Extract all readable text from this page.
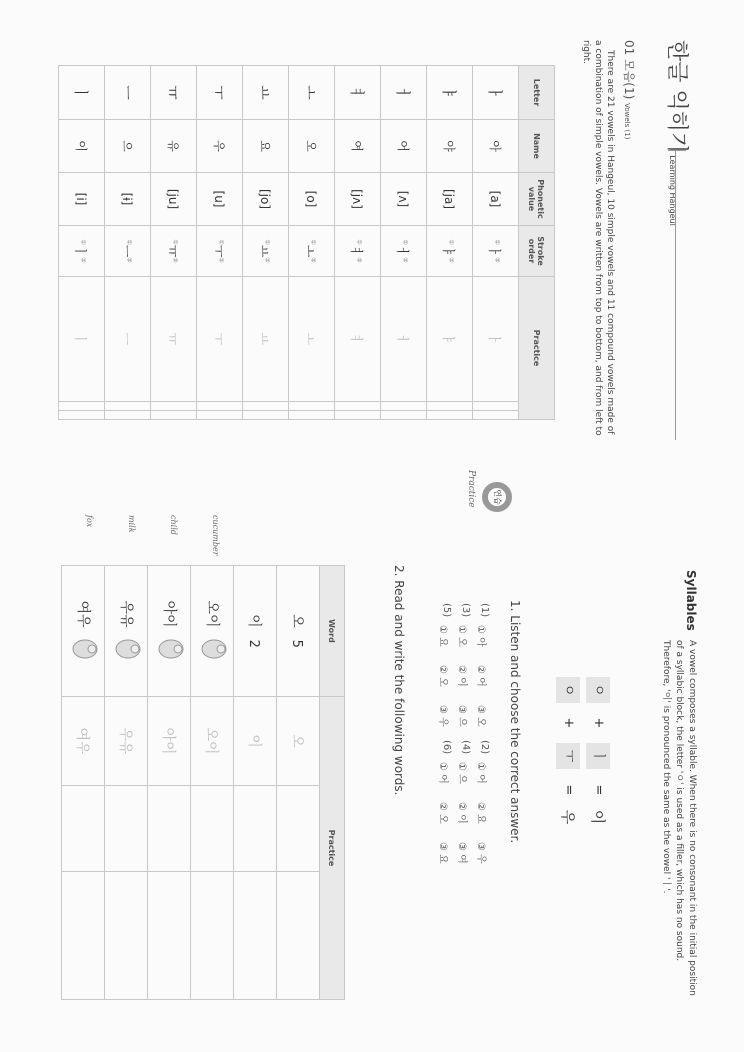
한글 익히기Learning Hangeul
01 모음(1) Vowels (1)
There are 21 vowels in Hangeul, 10 simple vowels and 11 compound vowels made of a combination of simple vowels. Vowels are written from top to bottom, and from left to right.
Letter	Name	Phonetic value	Stroke order	Practice		
ㅏ	아	[a]	①ㅏ②	ㅏ		
ㅑ	야	[ja]	①ㅑ②	ㅑ		
ㅓ	어	[ʌ]	①ㅓ②	ㅓ		
ㅕ	여	[jʌ]	①ㅕ②	ㅕ		
ㅗ	오	[o]	①ㅗ②	ㅗ		
ㅛ	요	[jo]	①ㅛ②	ㅛ		
ㅜ	우	[u]	①ㅜ②	ㅜ		
ㅠ	유	[ju]	①ㅠ②	ㅠ		
ㅡ	으	[ɨ]	①ㅡ②	ㅡ		
ㅣ	이	[i]	①ㅣ②	ㅣ		
Syllables
A vowel composes a syllable. When there is no consonant in the initial position of a syllabic block, the letter 'ㅇ' is used as a filler, which has no sound. Therefore, '이' is pronounced the same as the vowel 'ㅣ'.
ㅇ
+
ㅣ
=
이
ㅇ
+
ㅜ
=
우
1. Listen and choose the correct answer.
(1)
① 아
② 어
③ 오
(2)
① 어
② 요
③ 우
(3)
① 오
② 이
③ 으
(4)
① 으
② 이
③ 여
(5)
① 요
② 오
③ 우
(6)
① 어
② 오
③ 요
연습
Practice
2. Read and write the following words.
Word	Practice		
오5	오		
이2	이		
오이	오이		
아이	아이		
우유	우유		
여우	여우		
cucumber
child
milk
fox
